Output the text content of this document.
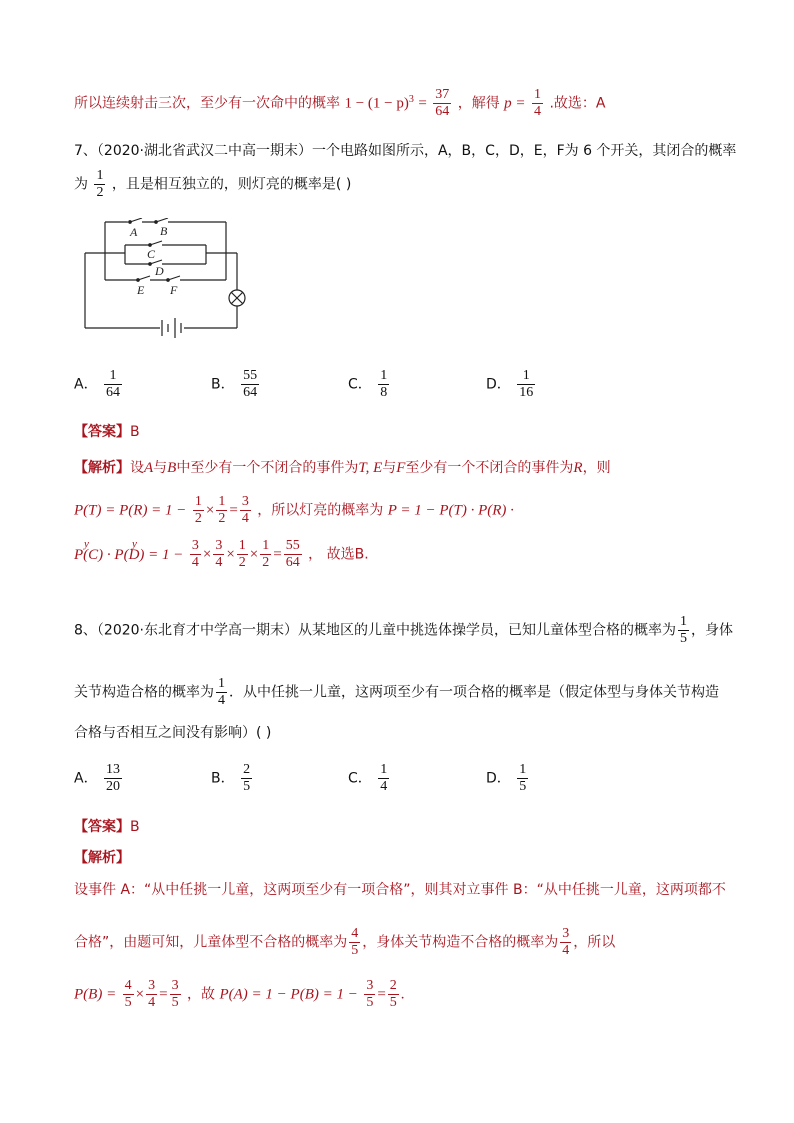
所以连续射击三次，至少有一次命中的概率 $1 - (1 - p)^3 = \frac{37}{64}$ ，解得 $p = \frac{1}{4}$ .故选：A
7、（2020·湖北省武汉二中高一期末）一个电路如图所示，A，B，C，D，E，F为 6 个开关，其闭合的概率
为 $\frac{1}{2}$ ，且是相互独立的，则灯亮的概率是( )
A B
C
D
E F
A． $\frac{1}{64}$	B． $\frac{55}{64}$	C． $\frac{1}{8}$	D． $\frac{1}{16}$
【答案】B
【解析】设A与B中至少有一个不闭合的事件为T, E与F至少有一个不闭合的事件为R，则
$P(T) = P(R) = 1 - \frac{1}{2} \times \frac{1}{2} = \frac{3}{4}$ ，所以灯亮的概率为 P = 1 − P(T) · P(R) ·
P(C) · P(D) = 1 −
y	y
	$\frac{3}{4} \times \frac{3}{4} \times \frac{1}{2} \times \frac{1}{2} = \frac{55}{64}$ ， 故选B.
8、（2020·东北育才中学高一期末）从某地区的儿童中挑选体操学员，已知儿童体型合格的概率为 $\frac{1}{5}$ ，身体
关节构造合格的概率为 $\frac{1}{4}$ ．从中任挑一儿童，这两项至少有一项合格的概率是（假定体型与身体关节构造
合格与否相互之间没有影响）( )
A． $\frac{13}{20}$	B． $\frac{2}{5}$	C． $\frac{1}{4}$	D． $\frac{1}{5}$
【答案】B
【解析】
设事件 A：“从中任挑一儿童，这两项至少有一项合格”，则其对立事件 B：“从中任挑一儿童，这两项都不
合格”，由题可知，儿童体型不合格的概率为 $\frac{4}{5}$ ，身体关节构造不合格的概率为 $\frac{3}{4}$ ，所以
$P(B) = \frac{4}{5} \times \frac{3}{4} = \frac{3}{5}$ ，故 $P(A) = 1 - P(B) = 1 - \frac{3}{5} = \frac{2}{5}$ .
